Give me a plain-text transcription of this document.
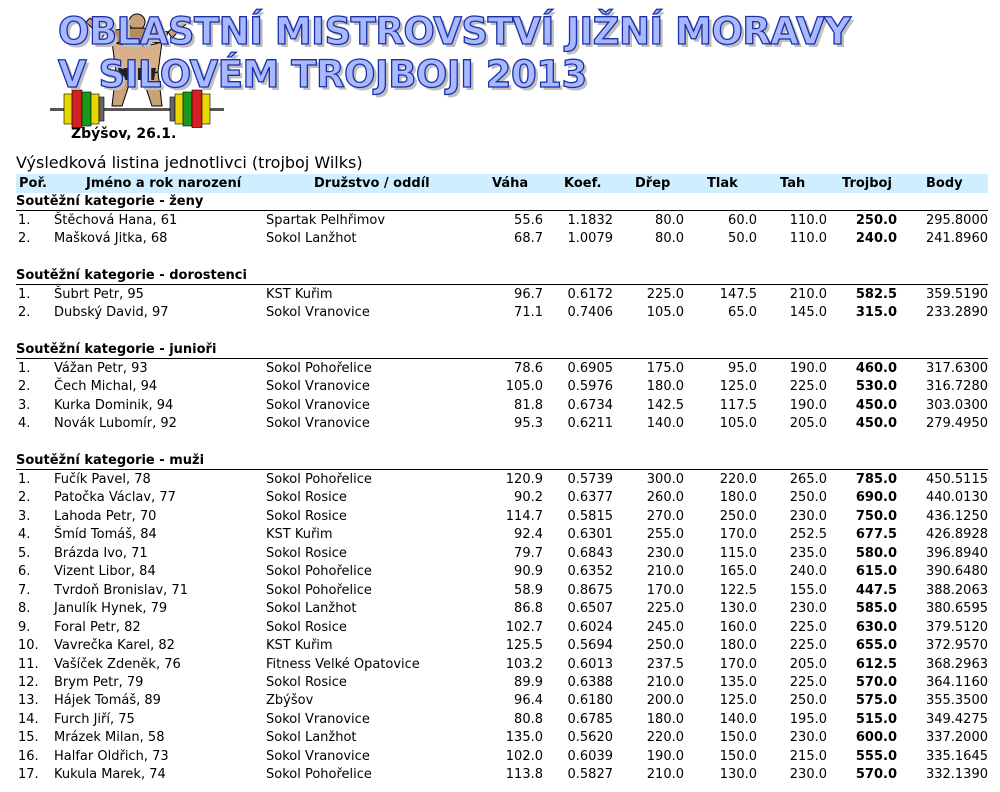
OBLASTNÍ MISTROVSTVÍ JIŽNÍ MORAVY
V SILOVÉM TROJBOJI 2013
Zbýšov, 26.1.
Výsledková listina jednotlivci (trojboj Wilks)
Poř.	Jméno a rok narození	Družstvo / oddíl	Váha	Koef.	Dřep	Tlak	Tah	Trojboj	Body
Soutěžní kategorie - ženy
1. Štěchová Hana, 61	Spartak Pelhřimov	55.6 1.1832	80.0	60.0	110.0 250.0 295.8000
2. Mašková Jitka, 68	Sokol Lanžhot	68.7 1.0079	80.0	50.0	110.0 240.0 241.8960
Soutěžní kategorie - dorostenci
1. Šubrt Petr, 95	KST Kuřim	96.7 0.6172	225.0	147.5	210.0 582.5 359.5190
2. Dubský David, 97	Sokol Vranovice	71.1 0.7406	105.0	65.0	145.0 315.0 233.2890
Soutěžní kategorie - junioři
1. Vážan Petr, 93	Sokol Pohořelice	78.6 0.6905	175.0	95.0	190.0 460.0 317.6300
2. Čech Michal, 94	Sokol Vranovice	105.0 0.5976	180.0	125.0	225.0 530.0 316.7280
3. Kurka Dominik, 94	Sokol Vranovice	81.8 0.6734	142.5	117.5	190.0 450.0 303.0300
4. Novák Lubomír, 92	Sokol Vranovice	95.3 0.6211	140.0	105.0	205.0 450.0 279.4950
Soutěžní kategorie - muži
1. Fučík Pavel, 78	Sokol Pohořelice	120.9 0.5739	300.0	220.0	265.0 785.0 450.5115
2. Patočka Václav, 77	Sokol Rosice	90.2 0.6377	260.0	180.0	250.0 690.0 440.0130
3. Lahoda Petr, 70	Sokol Rosice	114.7 0.5815	270.0	250.0	230.0 750.0 436.1250
4. Šmíd Tomáš, 84	KST Kuřim	92.4 0.6301	255.0	170.0	252.5 677.5 426.8928
5. Brázda Ivo, 71	Sokol Rosice	79.7 0.6843	230.0	115.0	235.0 580.0 396.8940
6. Vizent Libor, 84	Sokol Pohořelice	90.9 0.6352	210.0	165.0	240.0 615.0 390.6480
7. Tvrdoň Bronislav, 71	Sokol Pohořelice	58.9 0.8675	170.0	122.5	155.0 447.5 388.2063
8. Janulík Hynek, 79	Sokol Lanžhot	86.8 0.6507	225.0	130.0	230.0 585.0 380.6595
9. Foral Petr, 82	Sokol Rosice	102.7 0.6024	245.0	160.0	225.0 630.0 379.5120
10. Vavrečka Karel, 82	KST Kuřim	125.5 0.5694	250.0	180.0	225.0 655.0 372.9570
11. Vašíček Zdeněk, 76	Fitness Velké Opatovice	103.2 0.6013	237.5	170.0	205.0 612.5 368.2963
12. Brym Petr, 79	Sokol Rosice	89.9 0.6388	210.0	135.0	225.0 570.0 364.1160
13. Hájek Tomáš, 89	Zbýšov	96.4 0.6180	200.0	125.0	250.0 575.0 355.3500
14. Furch Jiří, 75	Sokol Vranovice	80.8 0.6785	180.0	140.0	195.0 515.0 349.4275
15. Mrázek Milan, 58	Sokol Lanžhot	135.0 0.5620	220.0	150.0	230.0 600.0 337.2000
16. Halfar Oldřich, 73	Sokol Vranovice	102.0 0.6039	190.0	150.0	215.0 555.0 335.1645
17. Kukula Marek, 74	Sokol Pohořelice	113.8 0.5827	210.0	130.0	230.0 570.0 332.1390
